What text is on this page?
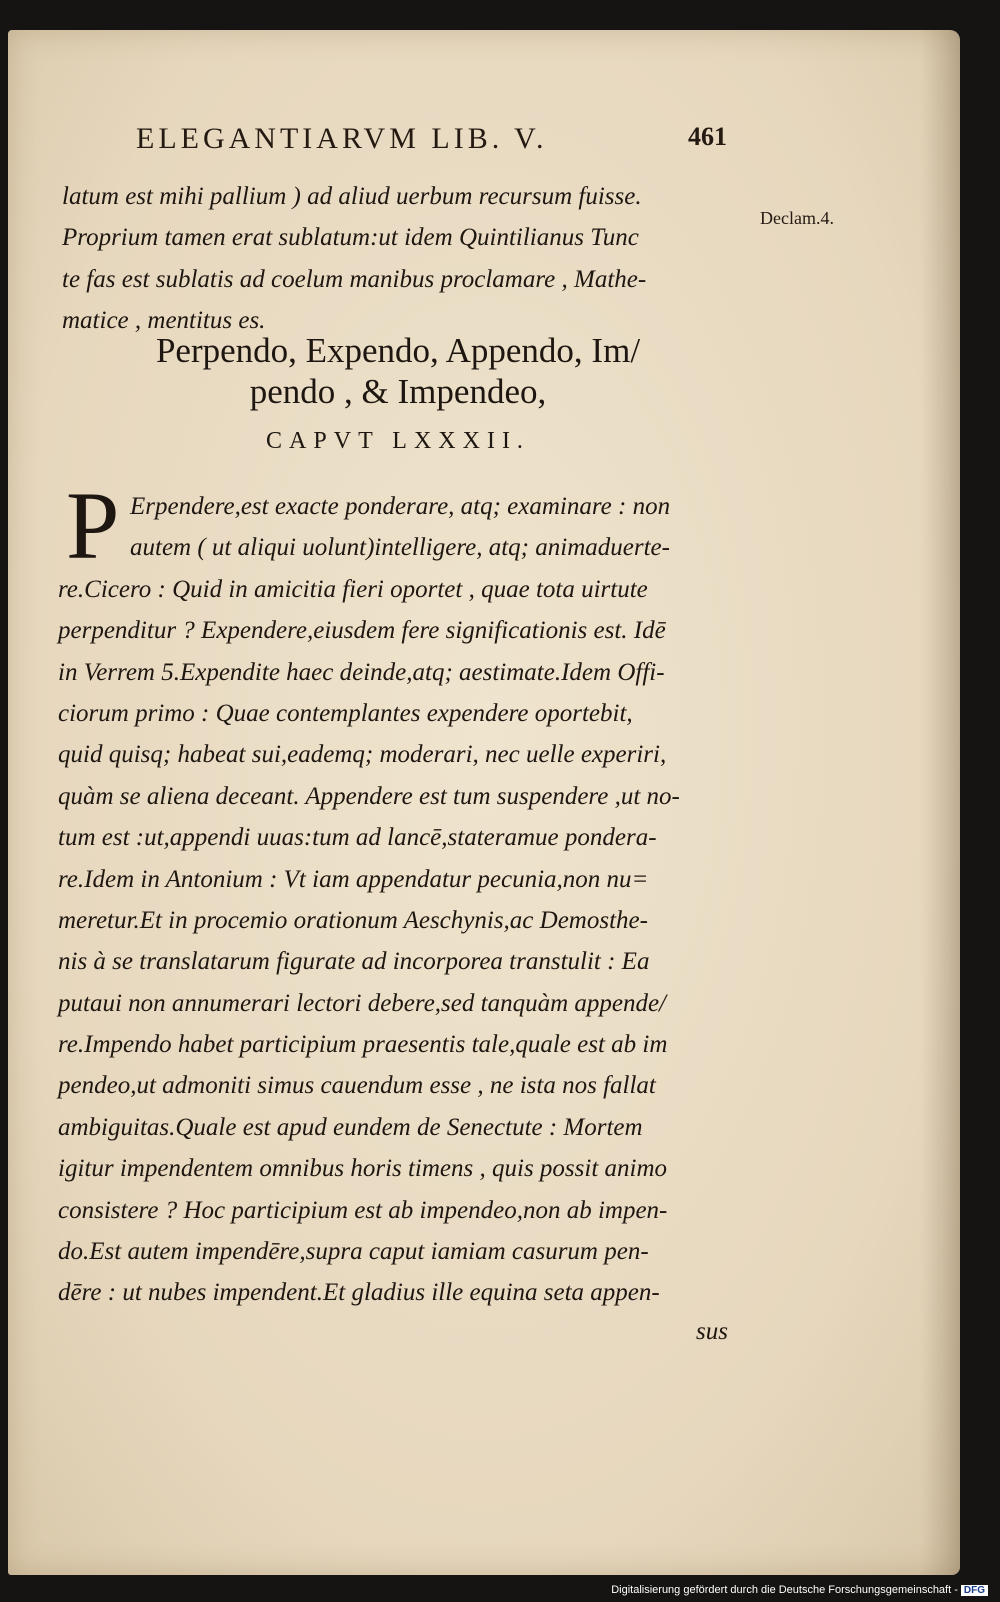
ELEGANTIARVM LIB. V.	461
Declam.4.
latum est mihi pallium ) ad aliud uerbum recursum fuisse.
Proprium tamen erat sublatum:ut idem Quintilianus Tunc
te fas est sublatis ad coelum manibus proclamare , Mathe-
matice , mentitus es.
Perpendo, Expendo, Appendo, Im/
pendo , & Impendeo,
CAPVT LXXXII.
P Erpendere,est exacte ponderare, atq; examinare : non
autem ( ut aliqui uolunt)intelligere, atq; animaduerte-
re.Cicero : Quid in amicitia fieri oportet , quae tota uirtute
perpenditur ? Expendere,eiusdem fere significationis est. Idē
in Verrem 5.Expendite haec deinde,atq; aestimate.Idem Offi-
ciorum primo : Quae contemplantes expendere oportebit,
quid quisq; habeat sui,eademq; moderari, nec uelle experiri,
quàm se aliena deceant. Appendere est tum suspendere ,ut no-
tum est :ut,appendi uuas:tum ad lancē,stateramue pondera-
re.Idem in Antonium : Vt iam appendatur pecunia,non nu=
meretur.Et in procemio orationum Aeschynis,ac Demosthe-
nis à se translatarum figurate ad incorporea transtulit : Ea
putaui non annumerari lectori debere,sed tanquàm appende/
re.Impendo habet participium praesentis tale,quale est ab im
pendeo,ut admoniti simus cauendum esse , ne ista nos fallat
ambiguitas.Quale est apud eundem de Senectute : Mortem
igitur impendentem omnibus horis timens , quis possit animo
consistere ? Hoc participium est ab impendeo,non ab impen-
do.Est autem impendēre,supra caput iamiam casurum pen-
dēre : ut nubes impendent.Et gladius ille equina seta appen-
sus
Digitalisierung gefördert durch die Deutsche Forschungsgemeinschaft - DFG
